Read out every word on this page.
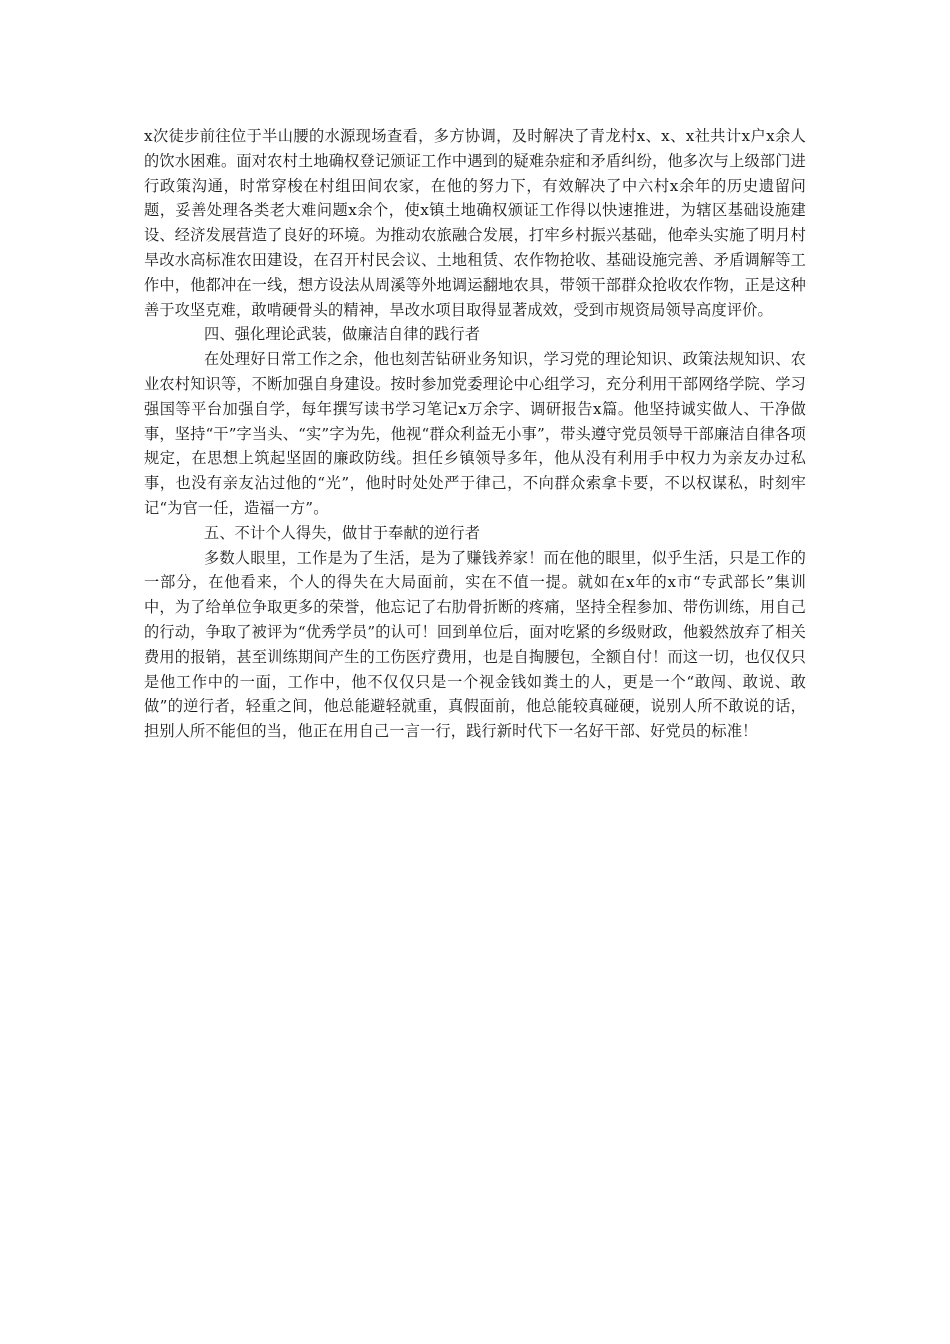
x次徒步前往位于半山腰的水源现场查看，多方协调，及时解决了青龙村x、x、x社共计x户x余人的饮水困难。面对农村土地确权登记颁证工作中遇到的疑难杂症和矛盾纠纷，他多次与上级部门进行政策沟通，时常穿梭在村组田间农家，在他的努力下，有效解决了中六村x余年的历史遗留问题，妥善处理各类老大难问题x余个，使x镇土地确权颁证工作得以快速推进，为辖区基础设施建设、经济发展营造了良好的环境。为推动农旅融合发展，打牢乡村振兴基础，他牵头实施了明月村旱改水高标准农田建设，在召开村民会议、土地租赁、农作物抢收、基础设施完善、矛盾调解等工作中，他都冲在一线，想方设法从周溪等外地调运翻地农具，带领干部群众抢收农作物，正是这种善于攻坚克难，敢啃硬骨头的精神，旱改水项目取得显著成效，受到市规资局领导高度评价。

四、强化理论武装，做廉洁自律的践行者

在处理好日常工作之余，他也刻苦钻研业务知识，学习党的理论知识、政策法规知识、农业农村知识等，不断加强自身建设。按时参加党委理论中心组学习，充分利用干部网络学院、学习强国等平台加强自学，每年撰写读书学习笔记x万余字、调研报告x篇。他坚持诚实做人、干净做事，坚持“干”字当头、“实”字为先，他视“群众利益无小事”，带头遵守党员领导干部廉洁自律各项规定，在思想上筑起坚固的廉政防线。担任乡镇领导多年，他从没有利用手中权力为亲友办过私事，也没有亲友沾过他的“光”，他时时处处严于律己，不向群众索拿卡要，不以权谋私，时刻牢记“为官一任，造福一方”。

五、不计个人得失，做甘于奉献的逆行者

多数人眼里，工作是为了生活，是为了赚钱养家！而在他的眼里，似乎生活，只是工作的一部分，在他看来，个人的得失在大局面前，实在不值一提。就如在x年的x市“专武部长”集训中，为了给单位争取更多的荣誉，他忘记了右肋骨折断的疼痛，坚持全程参加、带伤训练，用自己的行动，争取了被评为“优秀学员”的认可！回到单位后，面对吃紧的乡级财政，他毅然放弃了相关费用的报销，甚至训练期间产生的工伤医疗费用，也是自掏腰包，全额自付！而这一切，也仅仅只是他工作中的一面，工作中，他不仅仅只是一个视金钱如粪土的人，更是一个“敢闯、敢说、敢做”的逆行者，轻重之间，他总能避轻就重，真假面前，他总能较真碰硬，说别人所不敢说的话，担别人所不能但的当，他正在用自己一言一行，践行新时代下一名好干部、好党员的标准！
